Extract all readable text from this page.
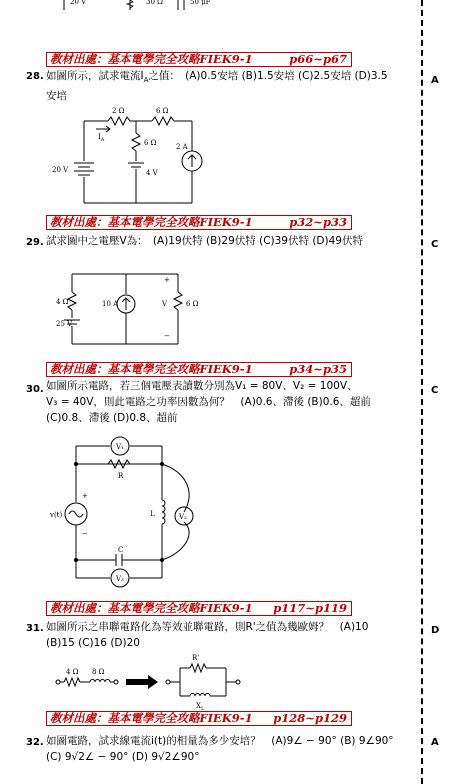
20 V	30 Ω	50 μF
教材出處：基本電學完全攻略FIEK9-1	p66~p67
28. 如圖所示，試求電流$I_A$之值：　(A)0.5安培 (B)1.5安培 (C)2.5安培 (D)3.5
安培
A
2 Ω	6 Ω
6 Ω
$I_A$
20 V	4 V
2 A
教材出處：基本電學完全攻略FIEK9-1	p32~p33
29. 試求圖中之電壓V為：　(A)19伏特 (B)29伏特 (C)39伏特 (D)49伏特	C
4 Ω
25 V
10 A	V	6 Ω
+
−
教材出處：基本電學完全攻略FIEK9-1	p34~p35
30. 如圖所示電路，若三個電壓表讀數分別為V₁ = 80V、V₂ = 100V、
V₃ = 40V，則此電路之功率因數為何？　(A)0.6、滯後 (B)0.6、超前
(C)0.8、滯後 (D)0.8、超前
C
V₁
V₂
V₃
R
L
C
v(t)
+
−
教材出處：基本電學完全攻略FIEK9-1 p117~p119
31. 如圖所示之串聯電路化為等效並聯電路，則R'之值為幾歐姆？　(A)10
(B)15 (C)16 (D)20
D
4 Ω 8 Ω
R'
$X_L$
教材出處：基本電學完全攻略FIEK9-1 p128~p129
32. 如圖電路，試求線電流i(t)的相量為多少安培？　(A)9∠ − 90° (B) 9∠90°
(C) 9√2∠ − 90° (D) 9√2∠90°
A
